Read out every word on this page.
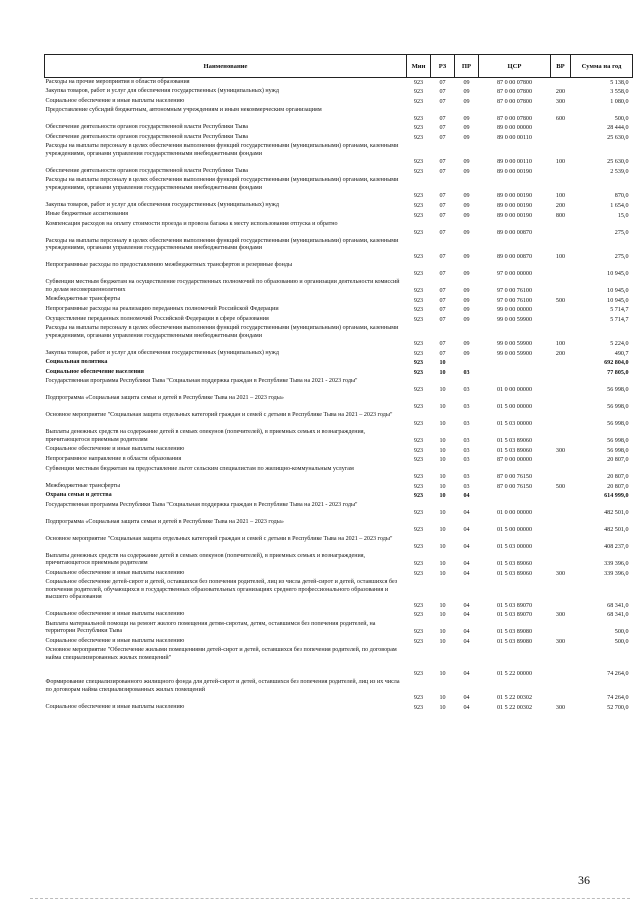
Наименование	Мин	РЗ	ПР	ЦСР	ВР	Сумма на год
Расходы на прочие мероприятия в области образования	923	07	09	87 0 00 07800		5 138,0
Закупка товаров, работ и услуг для обеспечения государственных (муниципальных) нужд	923	07	09	87 0 00 07800	200	3 558,0
Социальное обеспечение и иные выплаты населению	923	07	09	87 0 00 07800	300	1 080,0
Предоставление субсидий бюджетным, автономным учреждениям и иным некоммерческим организациям	923	07	09	87 0 00 07800	600	500,0
Обеспечение деятельности органов государственной власти Республики Тыва	923	07	09	89 0 00 00000		28 444,0
Обеспечение деятельности органов государственной власти Республики Тыва	923	07	09	89 0 00 00110		25 630,0
Расходы на выплаты персоналу в целях обеспечения выполнения функций государственными (муниципальными) органами, казенными учреждениями, органами управления государственными внебюджетными фондами	923	07	09	89 0 00 00110	100	25 630,0
Обеспечение деятельности органов государственной власти Республики Тыва	923	07	09	89 0 00 00190		2 539,0
Расходы на выплаты персоналу в целях обеспечения выполнения функций государственными (муниципальными) органами, казенными учреждениями, органами управления государственными внебюджетными фондами	923	07	09	89 0 00 00190	100	870,0
Закупка товаров, работ и услуг для обеспечения государственных (муниципальных) нужд	923	07	09	89 0 00 00190	200	1 654,0
Иные бюджетные ассигнования	923	07	09	89 0 00 00190	800	15,0
Компенсация расходов на оплату стоимости проезда и провоза багажа к месту использования отпуска и обратно	923	07	09	89 0 00 00870		275,0
Расходы на выплаты персоналу в целях обеспечения выполнения функций государственными (муниципальными) органами, казенными учреждениями, органами управления государственными внебюджетными фондами	923	07	09	89 0 00 00870	100	275,0
Непрограммные расходы по предоставлению межбюджетных трансфертов и резервные фонды	923	07	09	97 0 00 00000		10 945,0
Субвенции местным бюджетам на осуществление государственных полномочий по образованию и организации деятельности комиссий по делам несовершеннолетних	923	07	09	97 0 00 76100		10 945,0
Межбюджетные трансферты	923	07	09	97 0 00 76100	500	10 945,0
Непрограммные расходы на реализацию переданных полномочий Российской Федерации	923	07	09	99 0 00 00000		5 714,7
Осуществление переданных полномочий Российской Федерации в сфере образования	923	07	09	99 0 00 59900		5 714,7
Расходы на выплаты персоналу в целях обеспечения выполнения функций государственными (муниципальными) органами, казенными учреждениями, органами управления государственными внебюджетными фондами	923	07	09	99 0 00 59900	100	5 224,0
Закупка товаров, работ и услуг для обеспечения государственных (муниципальных) нужд	923	07	09	99 0 00 59900	200	490,7
Социальная политика	923	10				692 804,0
Социальное обеспечение населения	923	10	03			77 805,0
Государственная программа Республики Тыва "Социальная поддержка граждан в Республике Тыва на 2021 - 2023 годы"	923	10	03	01 0 00 00000		56 998,0
Подпрограмма «Социальная защита семьи и детей в Республике Тыва на 2021 – 2023 годы»	923	10	03	01 5 00 00000		56 998,0
Основное мероприятие "Социальная защита отдельных категорий граждан и семей с детьми в Республике Тыва на 2021 – 2023 годы"	923	10	03	01 5 03 00000		56 998,0
Выплаты денежных средств на содержание детей в семьях опекунов (попечителей), в приемных семьях и вознаграждения, причитающегося приемным родителям	923	10	03	01 5 03 89060		56 998,0
Социальное обеспечение и иные выплаты населению	923	10	03	01 5 03 89060	300	56 998,0
Непрограммное направление в области образования	923	10	03	87 0 00 00000		20 807,0
Субвенции местным бюджетам на предоставление льгот сельским специалистам по жилищно-коммунальным услугам	923	10	03	87 0 00 76150		20 807,0
Межбюджетные трансферты	923	10	03	87 0 00 76150	500	20 807,0
Охрана семьи и детства	923	10	04			614 999,0
Государственная программа Республики Тыва "Социальная поддержка граждан в Республике Тыва на 2021 - 2023 годы"	923	10	04	01 0 00 00000		482 501,0
Подпрограмма «Социальная защита семьи и детей в Республике Тыва на 2021 – 2023 годы»	923	10	04	01 5 00 00000		482 501,0
Основное мероприятие "Социальная защита отдельных категорий граждан и семей с детьми в Республике Тыва на 2021 – 2023 годы"	923	10	04	01 5 03 00000		408 237,0
Выплаты денежных средств на содержание детей в семьях опекунов (попечителей), в приемных семьях и вознаграждения, причитающегося приемным родителям	923	10	04	01 5 03 89060		339 396,0
Социальное обеспечение и иные выплаты населению	923	10	04	01 5 03 89060	300	339 396,0
Социальное обеспечение детей-сирот и детей, оставшихся без попечения родителей, лиц из числа детей-сирот и детей, оставшихся без попечения родителей, обучающихся в государственных образовательных организациях среднего профессионального образования и высшего образования	923	10	04	01 5 03 89070		68 341,0
Социальное обеспечение и иные выплаты населению	923	10	04	01 5 03 89070	300	68 341,0
Выплата материальной помощи на ремонт жилого помещения детям-сиротам, детям, оставшимся без попечения родителей, на территории Республики Тыва	923	10	04	01 5 03 89080		500,0
Социальное обеспечение и иные выплаты населению	923	10	04	01 5 03 89080	300	500,0
Основное мероприятие "Обеспечение жилыми помещениями детей-сирот и детей, оставшихся без попечения родителей, по договорам найма специализированных жилых помещений"	923	10	04	01 5 22 00000		74 264,0
Формирование специализированного жилищного фонда для детей-сирот и детей, оставшихся без попечения родителей, лиц из их числа по договорам найма специализированных жилых помещений	923	10	04	01 5 22 00302		74 264,0
Социальное обеспечение и иные выплаты населению	923	10	04	01 5 22 00302	300	52 700,0
36
